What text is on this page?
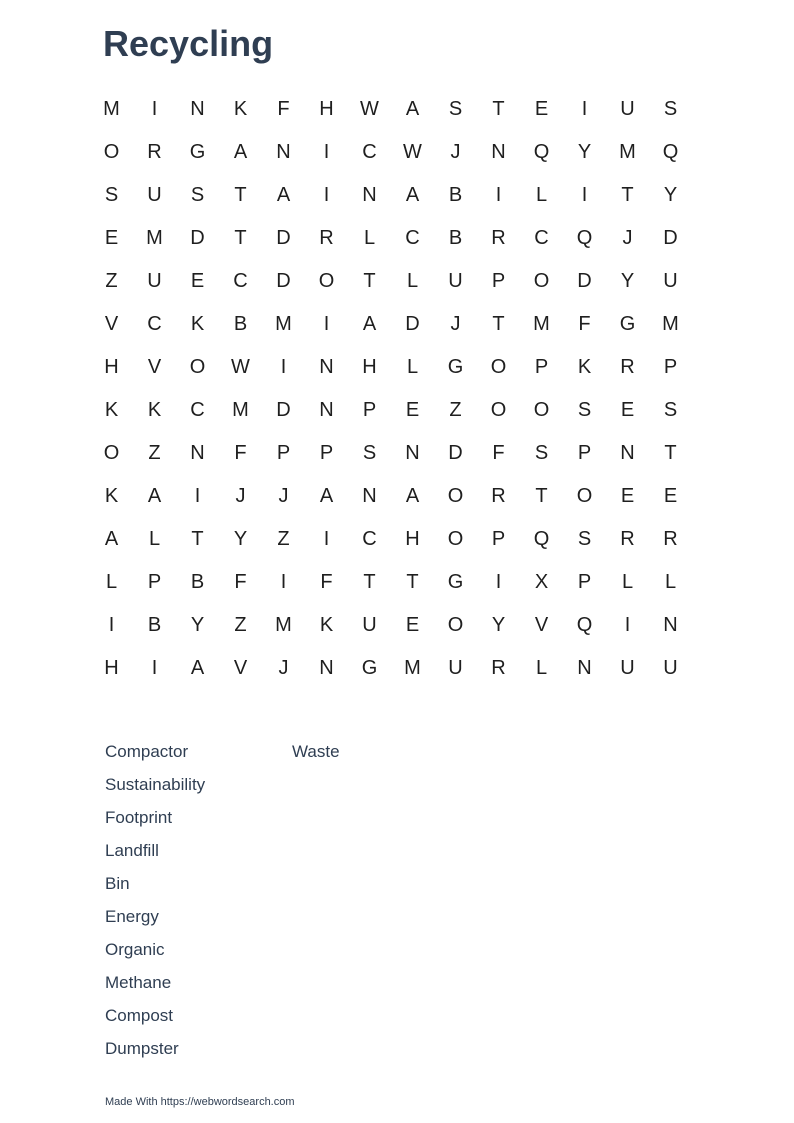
Recycling
M	I	N	K	F	H	W	A	S	T	E	I	U	S
O	R	G	A	N	I	C	W	J	N	Q	Y	M	Q
S	U	S	T	A	I	N	A	B	I	L	I	T	Y
E	M	D	T	D	R	L	C	B	R	C	Q	J	D
Z	U	E	C	D	O	T	L	U	P	O	D	Y	U
V	C	K	B	M	I	A	D	J	T	M	F	G	M
H	V	O	W	I	N	H	L	G	O	P	K	R	P
K	K	C	M	D	N	P	E	Z	O	O	S	E	S
O	Z	N	F	P	P	S	N	D	F	S	P	N	T
K	A	I	J	J	A	N	A	O	R	T	O	E	E
A	L	T	Y	Z	I	C	H	O	P	Q	S	R	R
L	P	B	F	I	F	T	T	G	I	X	P	L	L
I	B	Y	Z	M	K	U	E	O	Y	V	Q	I	N
H	I	A	V	J	N	G	M	U	R	L	N	U	U
Compactor
Sustainability
Footprint
Landfill
Bin
Energy
Organic
Methane
Compost
Dumpster
Waste
Made With https://webwordsearch.com
